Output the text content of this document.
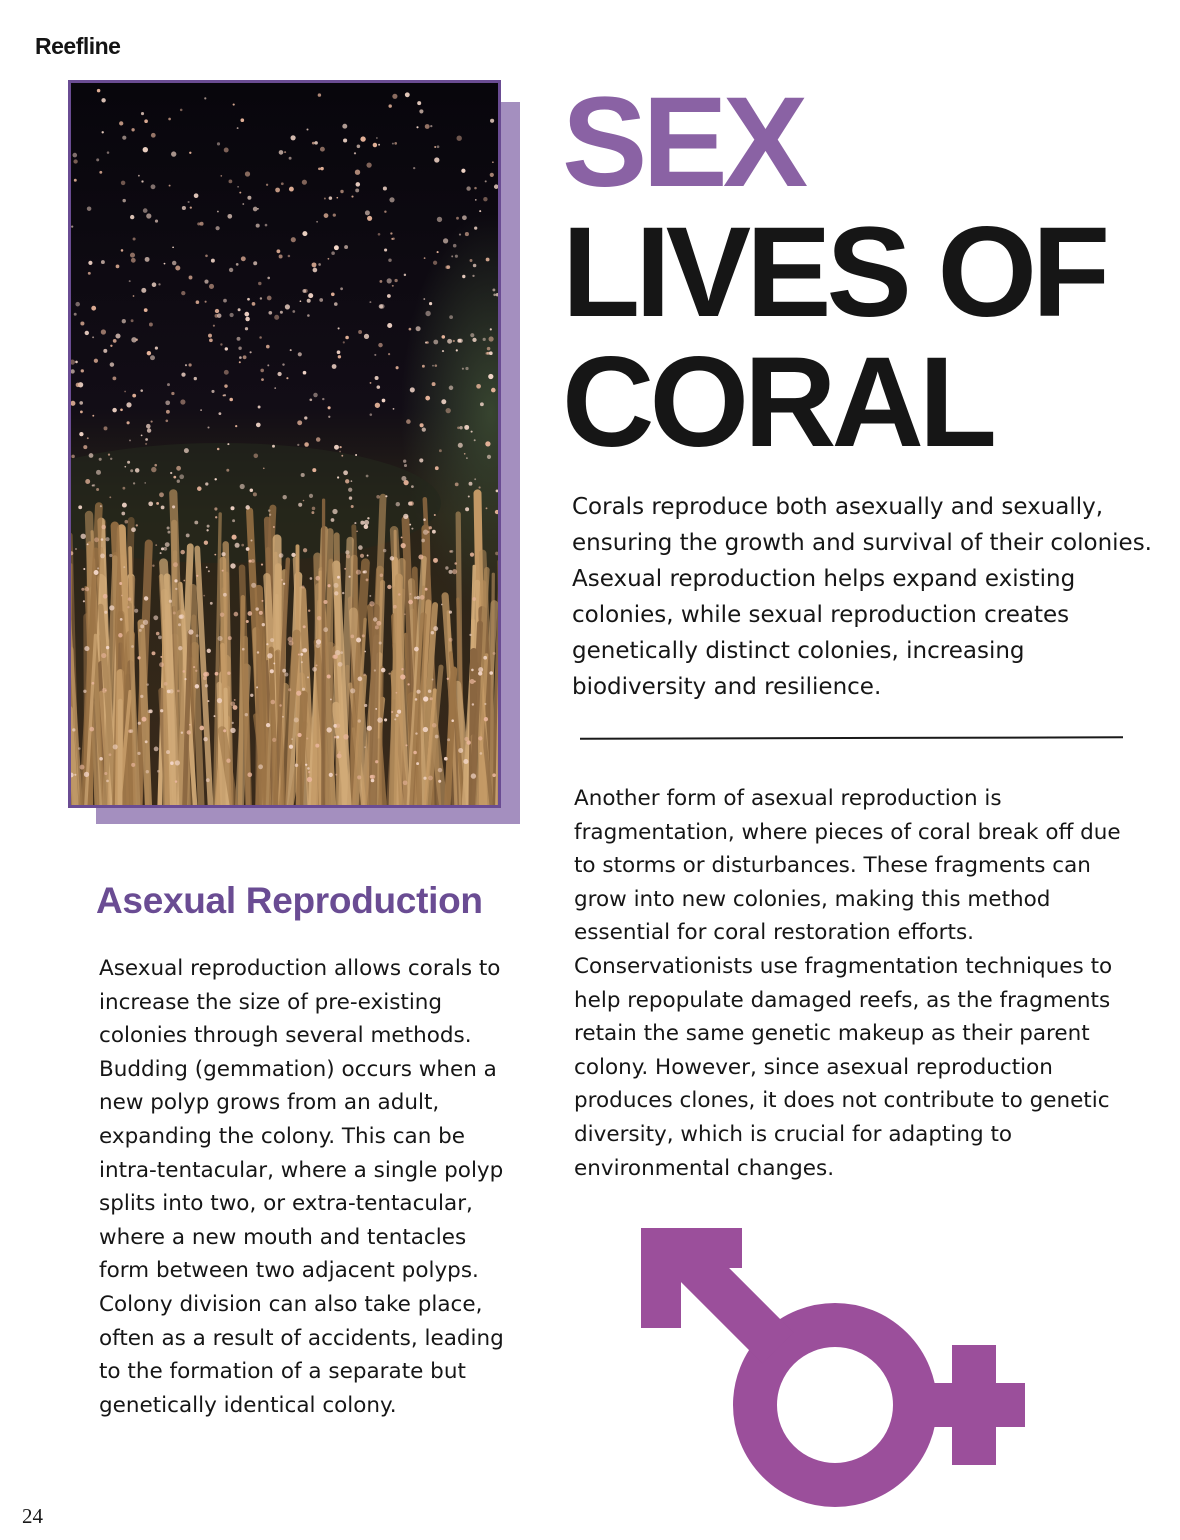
Reefline
SEX
LIVES OF
CORAL

Corals reproduce both asexually and sexually, ensuring the growth and survival of their colonies. Asexual reproduction helps expand existing colonies, while sexual reproduction creates genetically distinct colonies, increasing biodiversity and resilience.

Another form of asexual reproduction is fragmentation, where pieces of coral break off due to storms or disturbances. These fragments can grow into new colonies, making this method essential for coral restoration efforts. Conservationists use fragmentation techniques to help repopulate damaged reefs, as the fragments retain the same genetic makeup as their parent colony. However, since asexual reproduction produces clones, it does not contribute to genetic diversity, which is crucial for adapting to environmental changes.

Asexual Reproduction

Asexual reproduction allows corals to increase the size of pre-existing colonies through several methods. Budding (gemmation) occurs when a new polyp grows from an adult, expanding the colony. This can be intra-tentacular, where a single polyp splits into two, or extra-tentacular, where a new mouth and tentacles form between two adjacent polyps. Colony division can also take place, often as a result of accidents, leading to the formation of a separate but genetically identical colony.

24
